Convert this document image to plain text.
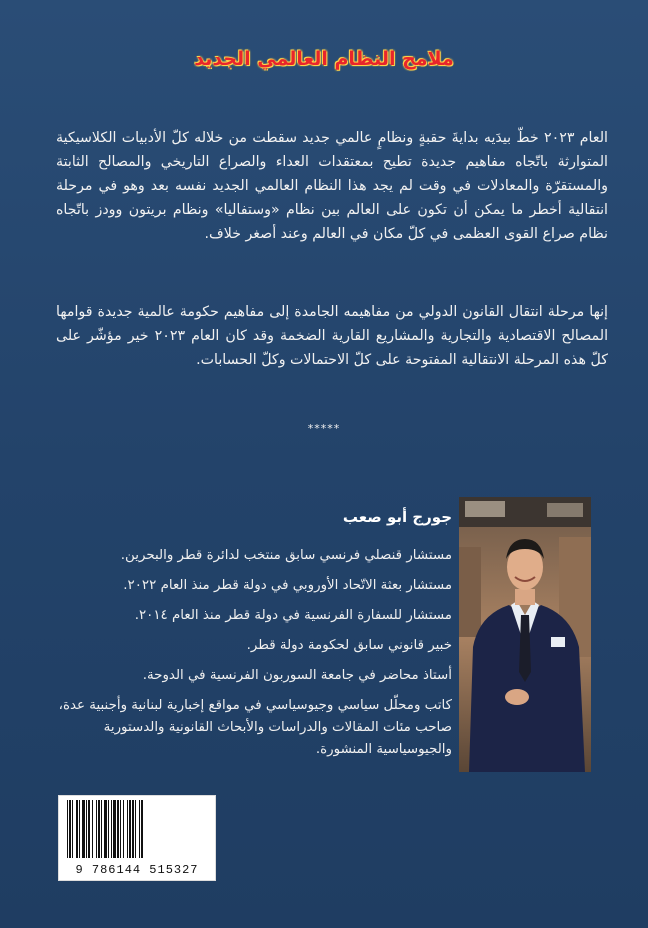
ملامح النظام العالمي الجديد
العام ٢٠٢٣ خطّ بيدَيه بدايةَ حقبةٍ ونظامٍ عالمي جديد سقطت من خلاله كلّ الأدبيات الكلاسيكية المتوارثة باتّجاه مفاهيم جديدة تطيح بمعتقدات العداء والصراع التاريخي والمصالح الثابتة والمستقرّة والمعادلات في وقت لم يجد هذا النظام العالمي الجديد نفسه بعد وهو في مرحلة انتقالية أخطر ما يمكن أن تكون على العالم بين نظام «وستفاليا» ونظام بريتون وودز باتّجاه نظام صراع القوى العظمى في كلّ مكان في العالم وعند أصغر خلاف.
إنها مرحلة انتقال القانون الدولي من مفاهيمه الجامدة إلى مفاهيم حكومة عالمية جديدة قوامها المصالح الاقتصادية والتجارية والمشاريع القارية الضخمة وقد كان العام ٢٠٢٣ خير مؤشّر على كلّ هذه المرحلة الانتقالية المفتوحة على كلّ الاحتمالات وكلّ الحسابات.
*****
جورج أبو صعب
مستشار قنصلي فرنسي سابق منتخب لدائرة قطر والبحرين.
مستشار بعثة الاتّحاد الأوروبي في دولة قطر منذ العام ٢٠٢٢.
مستشار للسفارة الفرنسية في دولة قطر منذ العام ٢٠١٤.
خبير قانوني سابق لحكومة دولة قطر.
أستاذ محاضر في جامعة السوربون الفرنسية في الدوحة.
كاتب ومحلّل سياسي وجيوسياسي في مواقع إخبارية لبنانية وأجنبية عدة، صاحب مئات المقالات والدراسات والأبحاث القانونية والدستورية والجيوسياسية المنشورة.
9 786144 515327
